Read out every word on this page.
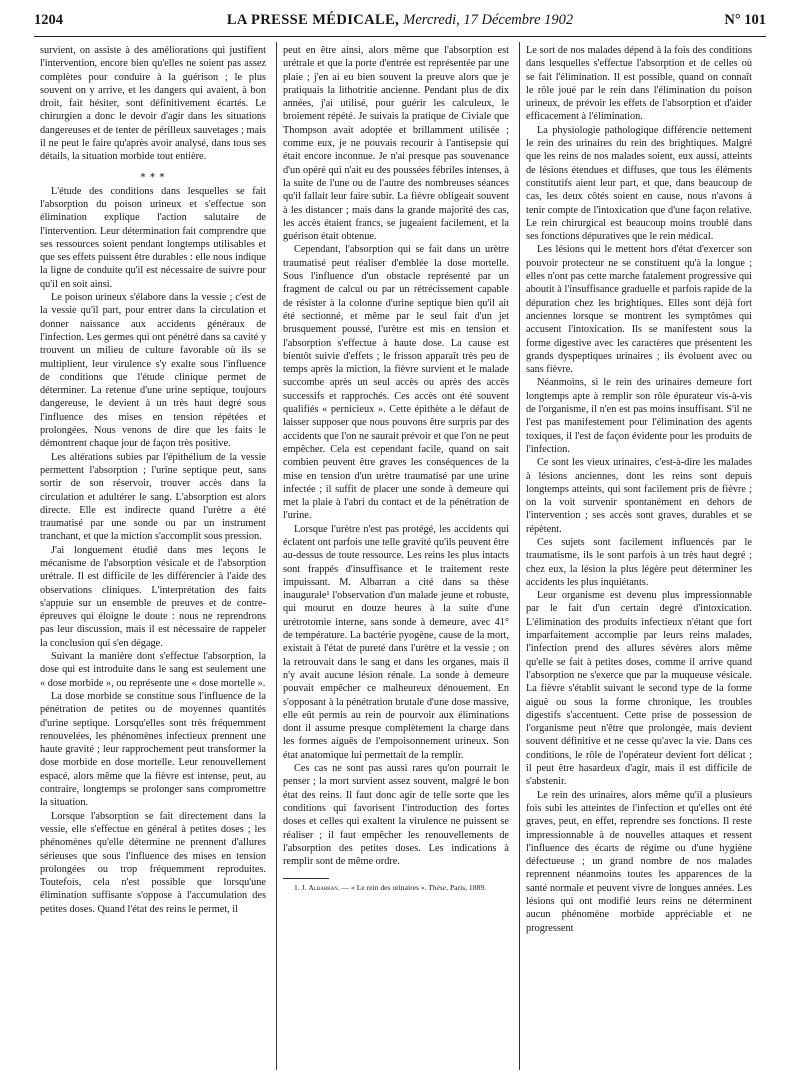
1204	LA PRESSE MÉDICALE, Mercredi, 17 Décembre 1902	N° 101

survient, on assiste à des améliorations qui justifient l'intervention, encore bien qu'elles ne soient pas assez complètes pour conduire à la guérison ; le plus souvent on y arrive, et les dangers qui avaient, à bon droit, fait hésiter, sont définitivement écartés. Le chirurgien a donc le devoir d'agir dans les situations dangereuses et de tenter de périlleux sauvetages ; mais il ne peut le faire qu'après avoir analysé, dans tous ses détails, la situation morbide tout entière.

⁎ ⁎ ⁎

L'étude des conditions dans lesquelles se fait l'absorption du poison urineux et s'effectue son élimination explique l'action salutaire de l'intervention. Leur détermination fait comprendre que ses ressources soient pendant longtemps utilisables et que ses effets puissent être durables : elle nous indique la ligne de conduite qu'il est nécessaire de suivre pour qu'il en soit ainsi.

Le poison urineux s'élabore dans la vessie ; c'est de la vessie qu'il part, pour entrer dans la circulation et donner naissance aux accidents généraux de l'infection. Les germes qui ont pénétré dans sa cavité y trouvent un milieu de culture favorable où ils se multiplient, leur virulence s'y exalte sous l'influence de conditions que l'étude clinique permet de déterminer. La retenue d'une urine septique, toujours dangereuse, le devient à un très haut degré sous l'influence des mises en tension répétées et prolongées. Nous venons de dire que les faits le démontrent chaque jour de façon très positive.

Les altérations subies par l'épithélium de la vessie permettent l'absorption ; l'urine septique peut, sans sortir de son réservoir, trouver accès dans la circulation et adultérer le sang. L'absorption est alors directe. Elle est indirecte quand l'urètre a été traumatisé par une sonde ou par un instrument tranchant, et que la miction s'accomplit sous pression.

J'ai longuement étudié dans mes leçons le mécanisme de l'absorption vésicale et de l'absorption urétrale. Il est difficile de les différencier à l'aide des observations cliniques. L'interprétation des faits s'appuie sur un ensemble de preuves et de contre-épreuves qui éloigne le doute : nous ne reprendrons pas leur discussion, mais il est nécessaire de rappeler la conclusion qui s'en dégage.

Suivant la manière dont s'effectue l'absorption, la dose qui est introduite dans le sang est seulement une « dose morbide », ou représente une « dose mortelle ».

La dose morbide se constitue sous l'influence de la pénétration de petites ou de moyennes quantités d'urine septique. Lorsqu'elles sont très fréquemment renouvelées, les phénomènes infectieux prennent une haute gravité ; leur rapprochement peut transformer la dose morbide en dose mortelle. Leur renouvellement espacé, alors même que la fièvre est intense, peut, au contraire, longtemps se prolonger sans compromettre la situation.

Lorsque l'absorption se fait directement dans la vessie, elle s'effectue en général à petites doses ; les phénomènes qu'elle détermine ne prennent d'allures sérieuses que sous l'influence des mises en tension prolongées ou trop fréquemment reproduites. Toutefois, cela n'est possible que lorsqu'une élimination suffisante s'oppose à l'accumulation des petites doses. Quand l'état des reins le permet, il

peut en être ainsi, alors même que l'absorption est urétrale et que la porte d'entrée est représentée par une plaie ; j'en ai eu bien souvent la preuve alors que je pratiquais la lithotritie ancienne. Pendant plus de dix années, j'ai utilisé, pour guérir les calculeux, le broiement répété. Je suivais la pratique de Civiale que Thompson avait adoptée et brillamment utilisée ; comme eux, je ne pouvais recourir à l'antisepsie qui était encore inconnue. Je n'ai presque pas souvenance d'un opéré qui n'ait eu des poussées fébriles intenses, à la suite de l'une ou de l'autre des nombreuses séances qu'il fallait leur faire subir. La fièvre obligeait souvent à les distancer ; mais dans la grande majorité des cas, les accès étaient francs, se jugeaient facilement, et la guérison était obtenue.

Cependant, l'absorption qui se fait dans un urètre traumatisé peut réaliser d'emblée la dose mortelle. Sous l'influence d'un obstacle représenté par un fragment de calcul ou par un rétrécissement capable de résister à la colonne d'urine septique bien qu'il ait été sectionné, et même par le seul fait d'un jet brusquement poussé, l'urètre est mis en tension et l'absorption s'effectue à haute dose. La cause est bientôt suivie d'effets ; le frisson apparaît très peu de temps après la miction, la fièvre survient et le malade succombe après un seul accès ou après des accès successifs et rapprochés. Ces accès ont été souvent qualifiés « pernicieux ». Cette épithète a le défaut de laisser supposer que nous pouvons être surpris par des accidents que l'on ne saurait prévoir et que l'on ne peut empêcher. Cela est cependant facile, quand on sait combien peuvent être graves les conséquences de la mise en tension d'un urètre traumatisé par une urine infectée ; il suffit de placer une sonde à demeure qui met la plaie à l'abri du contact et de la pénétration de l'urine.

Lorsque l'urètre n'est pas protégé, les accidents qui éclatent ont parfois une telle gravité qu'ils peuvent être au-dessus de toute ressource. Les reins les plus intacts sont frappés d'insuffisance et le traitement reste impuissant. M. Albarran a cité dans sa thèse inaugurale¹ l'observation d'un malade jeune et robuste, qui mourut en douze heures à la suite d'une urétrotomie interne, sans sonde à demeure, avec 41° de température. La bactérie pyogène, cause de la mort, existait à l'état de pureté dans l'urètre et la vessie ; on la retrouvait dans le sang et dans les organes, mais il n'y avait aucune lésion rénale. La sonde à demeure pouvait empêcher ce malheureux dénouement. En s'opposant à la pénétration brutale d'une dose massive, elle eût permis au rein de pourvoir aux éliminations dont il assume presque complètement la charge dans les formes aiguës de l'empoisonnement urineux. Son état anatomique lui permettait de la remplir.

Ces cas ne sont pas aussi rares qu'on pourrait le penser ; la mort survient assez souvent, malgré le bon état des reins. Il faut donc agir de telle sorte que les conditions qui favorisent l'introduction des fortes doses et celles qui exaltent la virulence ne puissent se réaliser ; il faut empêcher les renouvellements de l'absorption des petites doses. Les indications à remplir sont de même ordre.

1. J. Albarran. — « Le rein des urinaires ». Thèse, Paris, 1889.

Le sort de nos malades dépend à la fois des conditions dans lesquelles s'effectue l'absorption et de celles où se fait l'élimination. Il est possible, quand on connaît le rôle joué par le rein dans l'élimination du poison urineux, de prévoir les effets de l'absorption et d'aider efficacement à l'élimination.

La physiologie pathologique différencie nettement le rein des urinaires du rein des brightiques. Malgré que les reins de nos malades soient, eux aussi, atteints de lésions étendues et diffuses, que tous les éléments constitutifs aient leur part, et que, dans beaucoup de cas, les deux côtés soient en cause, nous n'avons à tenir compte de l'intoxication que d'une façon relative. Le rein chirurgical est beaucoup moins troublé dans ses fonctions dépuratives que le rein médical.

Les lésions qui le mettent hors d'état d'exercer son pouvoir protecteur ne se constituent qu'à la longue ; elles n'ont pas cette marche fatalement progressive qui aboutit à l'insuffisance graduelle et parfois rapide de la dépuration chez les brightiques. Elles sont déjà fort anciennes lorsque se montrent les symptômes qui accusent l'intoxication. Ils se manifestent sous la forme digestive avec les caractères que présentent les grands dyspeptiques urinaires ; ils évoluent avec ou sans fièvre.

Néanmoins, si le rein des urinaires demeure fort longtemps apte à remplir son rôle épurateur vis-à-vis de l'organisme, il n'en est pas moins insuffisant. S'il ne l'est pas manifestement pour l'élimination des agents toxiques, il l'est de façon évidente pour les produits de l'infection.

Ce sont les vieux urinaires, c'est-à-dire les malades à lésions anciennes, dont les reins sont depuis longtemps atteints, qui sont facilement pris de fièvre ; on la voit survenir spontanément en dehors de l'intervention ; ses accès sont graves, durables et se répètent.

Ces sujets sont facilement influencés par le traumatisme, ils le sont parfois à un très haut degré ; chez eux, la lésion la plus légère peut déterminer les accidents les plus inquiétants.

Leur organisme est devenu plus impressionnable par le fait d'un certain degré d'intoxication. L'élimination des produits infectieux n'étant que fort imparfaitement accomplie par leurs reins malades, l'infection prend des allures sévères alors même qu'elle se fait à petites doses, comme il arrive quand l'absorption ne s'exerce que par la muqueuse vésicale. La fièvre s'établit suivant le second type de la forme aiguë ou sous la forme chronique, les troubles digestifs s'accentuent. Cette prise de possession de l'organisme peut n'être que prolongée, mais devient souvent définitive et ne cesse qu'avec la vie. Dans ces conditions, le rôle de l'opérateur devient fort délicat ; il peut être hasardeux d'agir, mais il est difficile de s'abstenir.

Le rein des urinaires, alors même qu'il a plusieurs fois subi les atteintes de l'infection et qu'elles ont été graves, peut, en effet, reprendre ses fonctions. Il reste impressionnable à de nouvelles attaques et ressent l'influence des écarts de régime ou d'une hygiène défectueuse ; un grand nombre de nos malades reprennent néanmoins toutes les apparences de la santé normale et peuvent vivre de longues années. Les lésions qui ont modifié leurs reins ne déterminent aucun phénomène morbide appréciable et ne progressent
